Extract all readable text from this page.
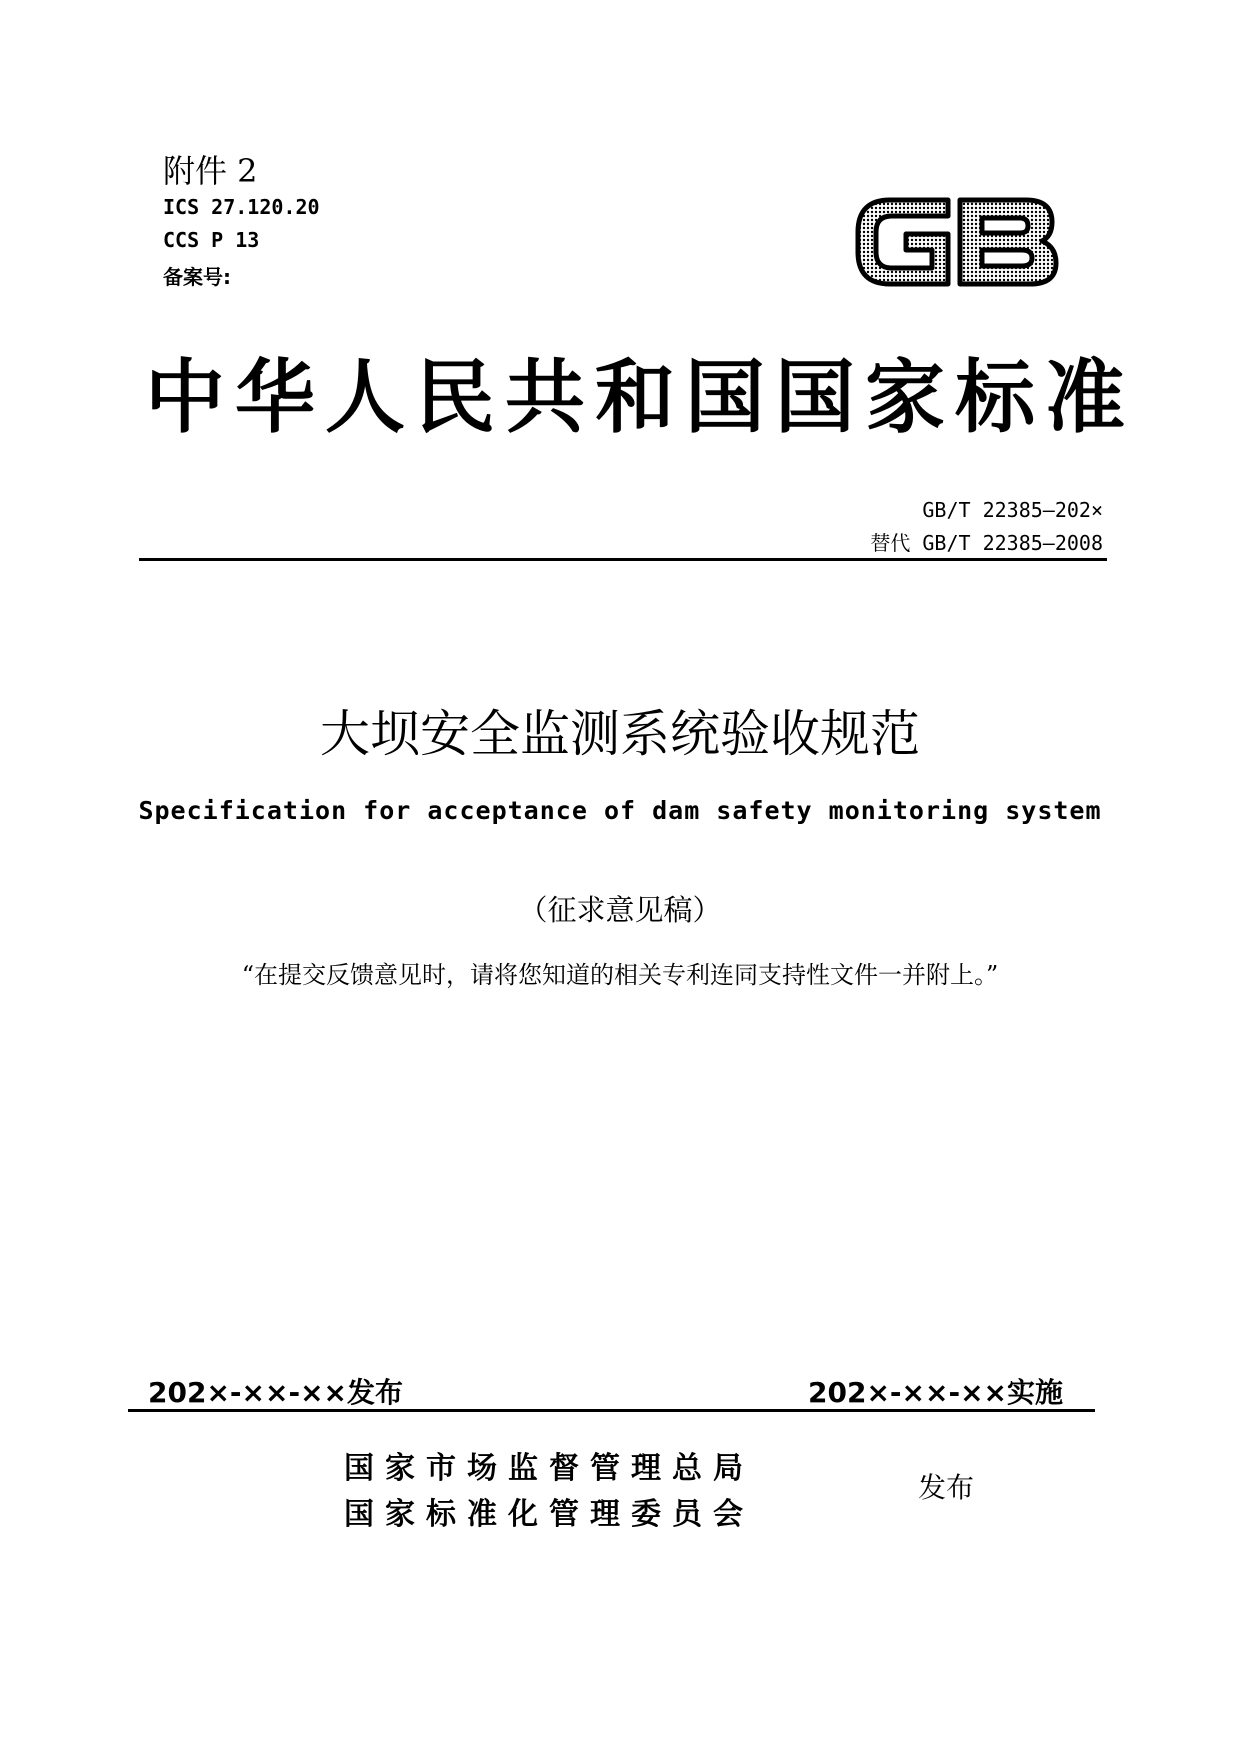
附件 2
ICS 27.120.20
CCS P 13
备案号:
中华人民共和国国家标准
GB/T 22385—202×
替代 GB/T 22385—2008
大坝安全监测系统验收规范
Specification for acceptance of dam safety monitoring system
（征求意见稿）
“在提交反馈意见时，请将您知道的相关专利连同支持性文件一并附上。”
202×-××-××发布	202×-××-××实施
国家市场监督管理总局
国家标准化管理委员会
发布
